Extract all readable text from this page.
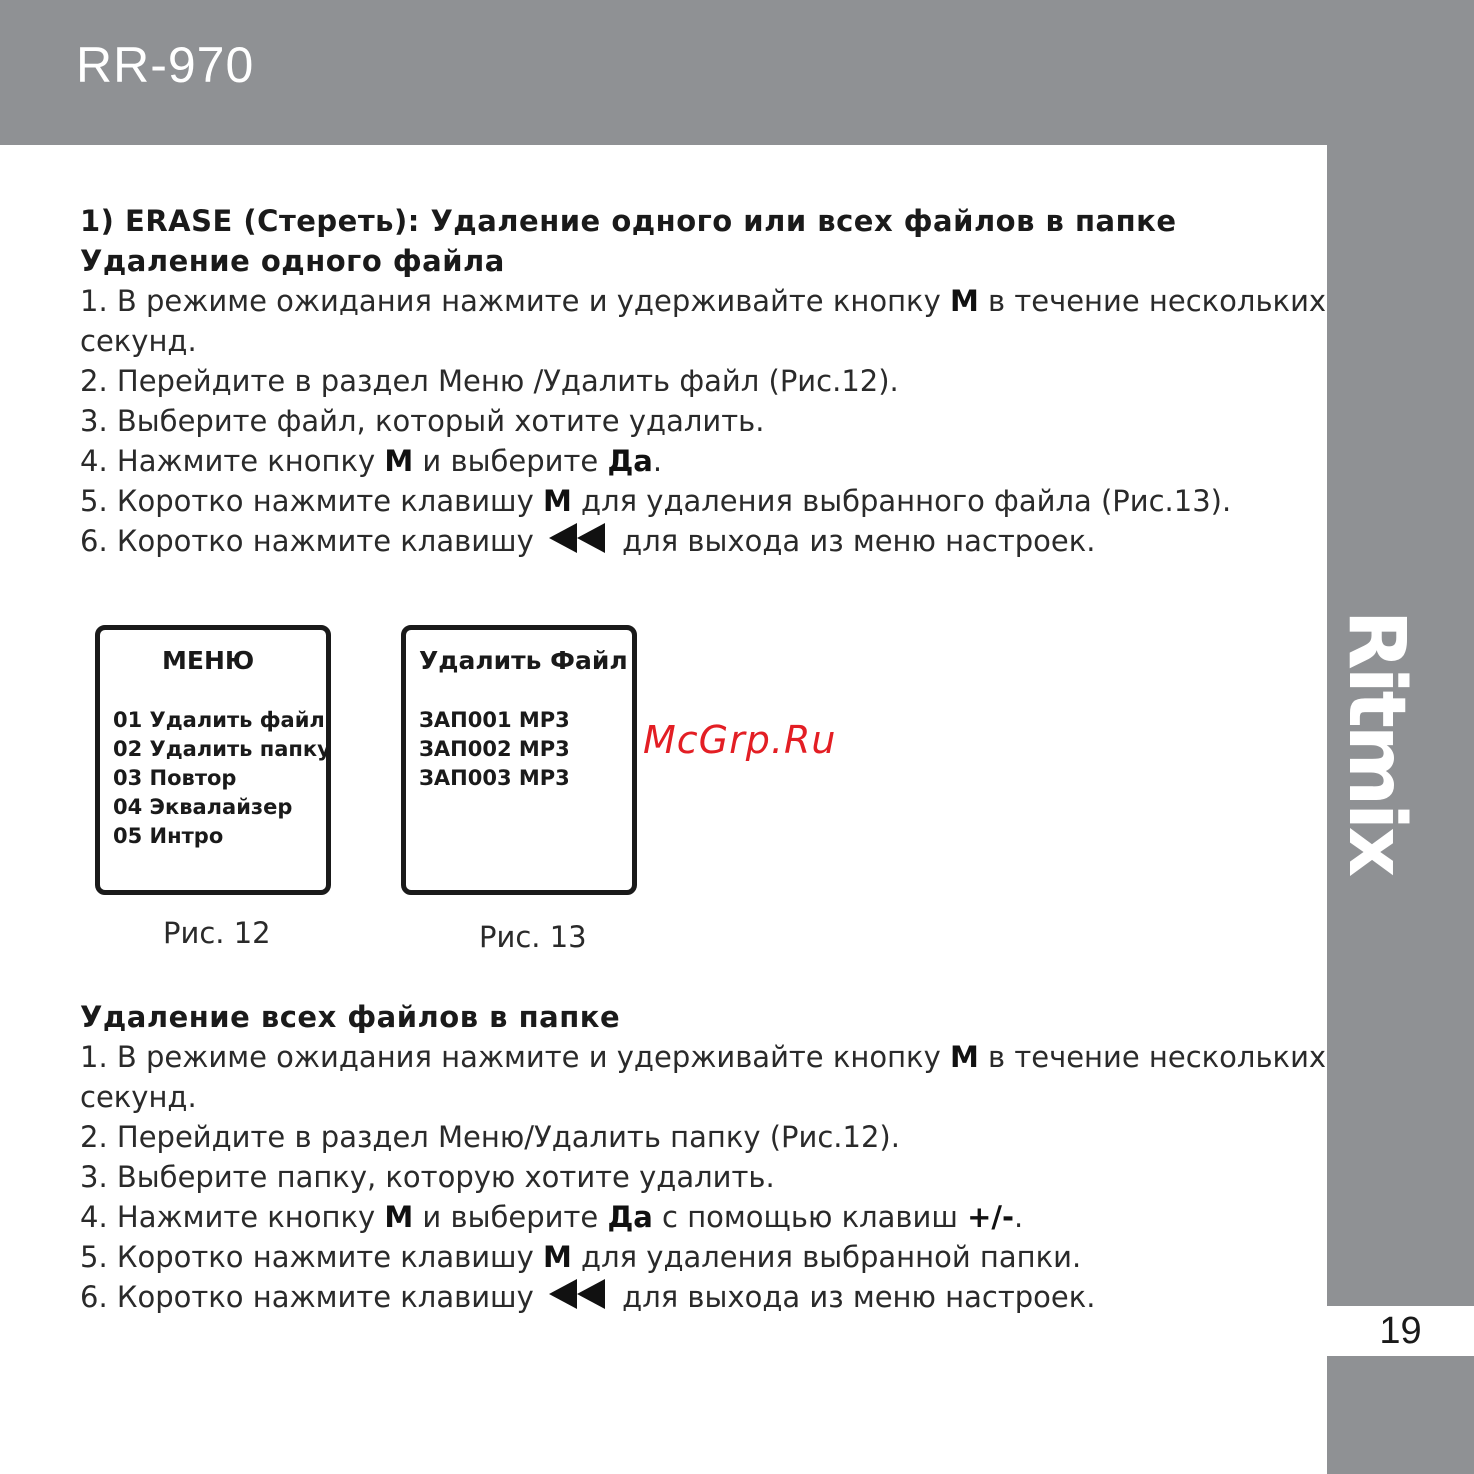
RR-970
Ritmix
19
1) ERASE (Стереть): Удаление одного или всех файлов в папке
Удаление одного файла
1. В режиме ожидания нажмите и удерживайте кнопку M в течение нескольких
секунд.
2. Перейдите в раздел Меню /Удалить файл (Рис.12).
3. Выберите файл, который хотите удалить.
4. Нажмите кнопку M и выберите Да.
5. Коротко нажмите клавишу M для удаления выбранного файла (Рис.13).
6. Коротко нажмите клавишу  для выхода из меню настроек.
МЕНЮ
01 Удалить файл
02 Удалить папку
03 Повтор
04 Эквалайзер
05 Интро
Рис. 12
Удалить Файл
ЗАП001 MP3
ЗАП002 MP3
ЗАП003 MP3
Рис. 13
McGrp.Ru
Удаление всех файлов в папке
1. В режиме ожидания нажмите и удерживайте кнопку M в течение нескольких
секунд.
2. Перейдите в раздел Меню/Удалить папку (Рис.12).
3. Выберите папку, которую хотите удалить.
4. Нажмите кнопку M и выберите Да с помощью клавиш +/-.
5. Коротко нажмите клавишу M для удаления выбранной папки.
6. Коротко нажмите клавишу  для выхода из меню настроек.
